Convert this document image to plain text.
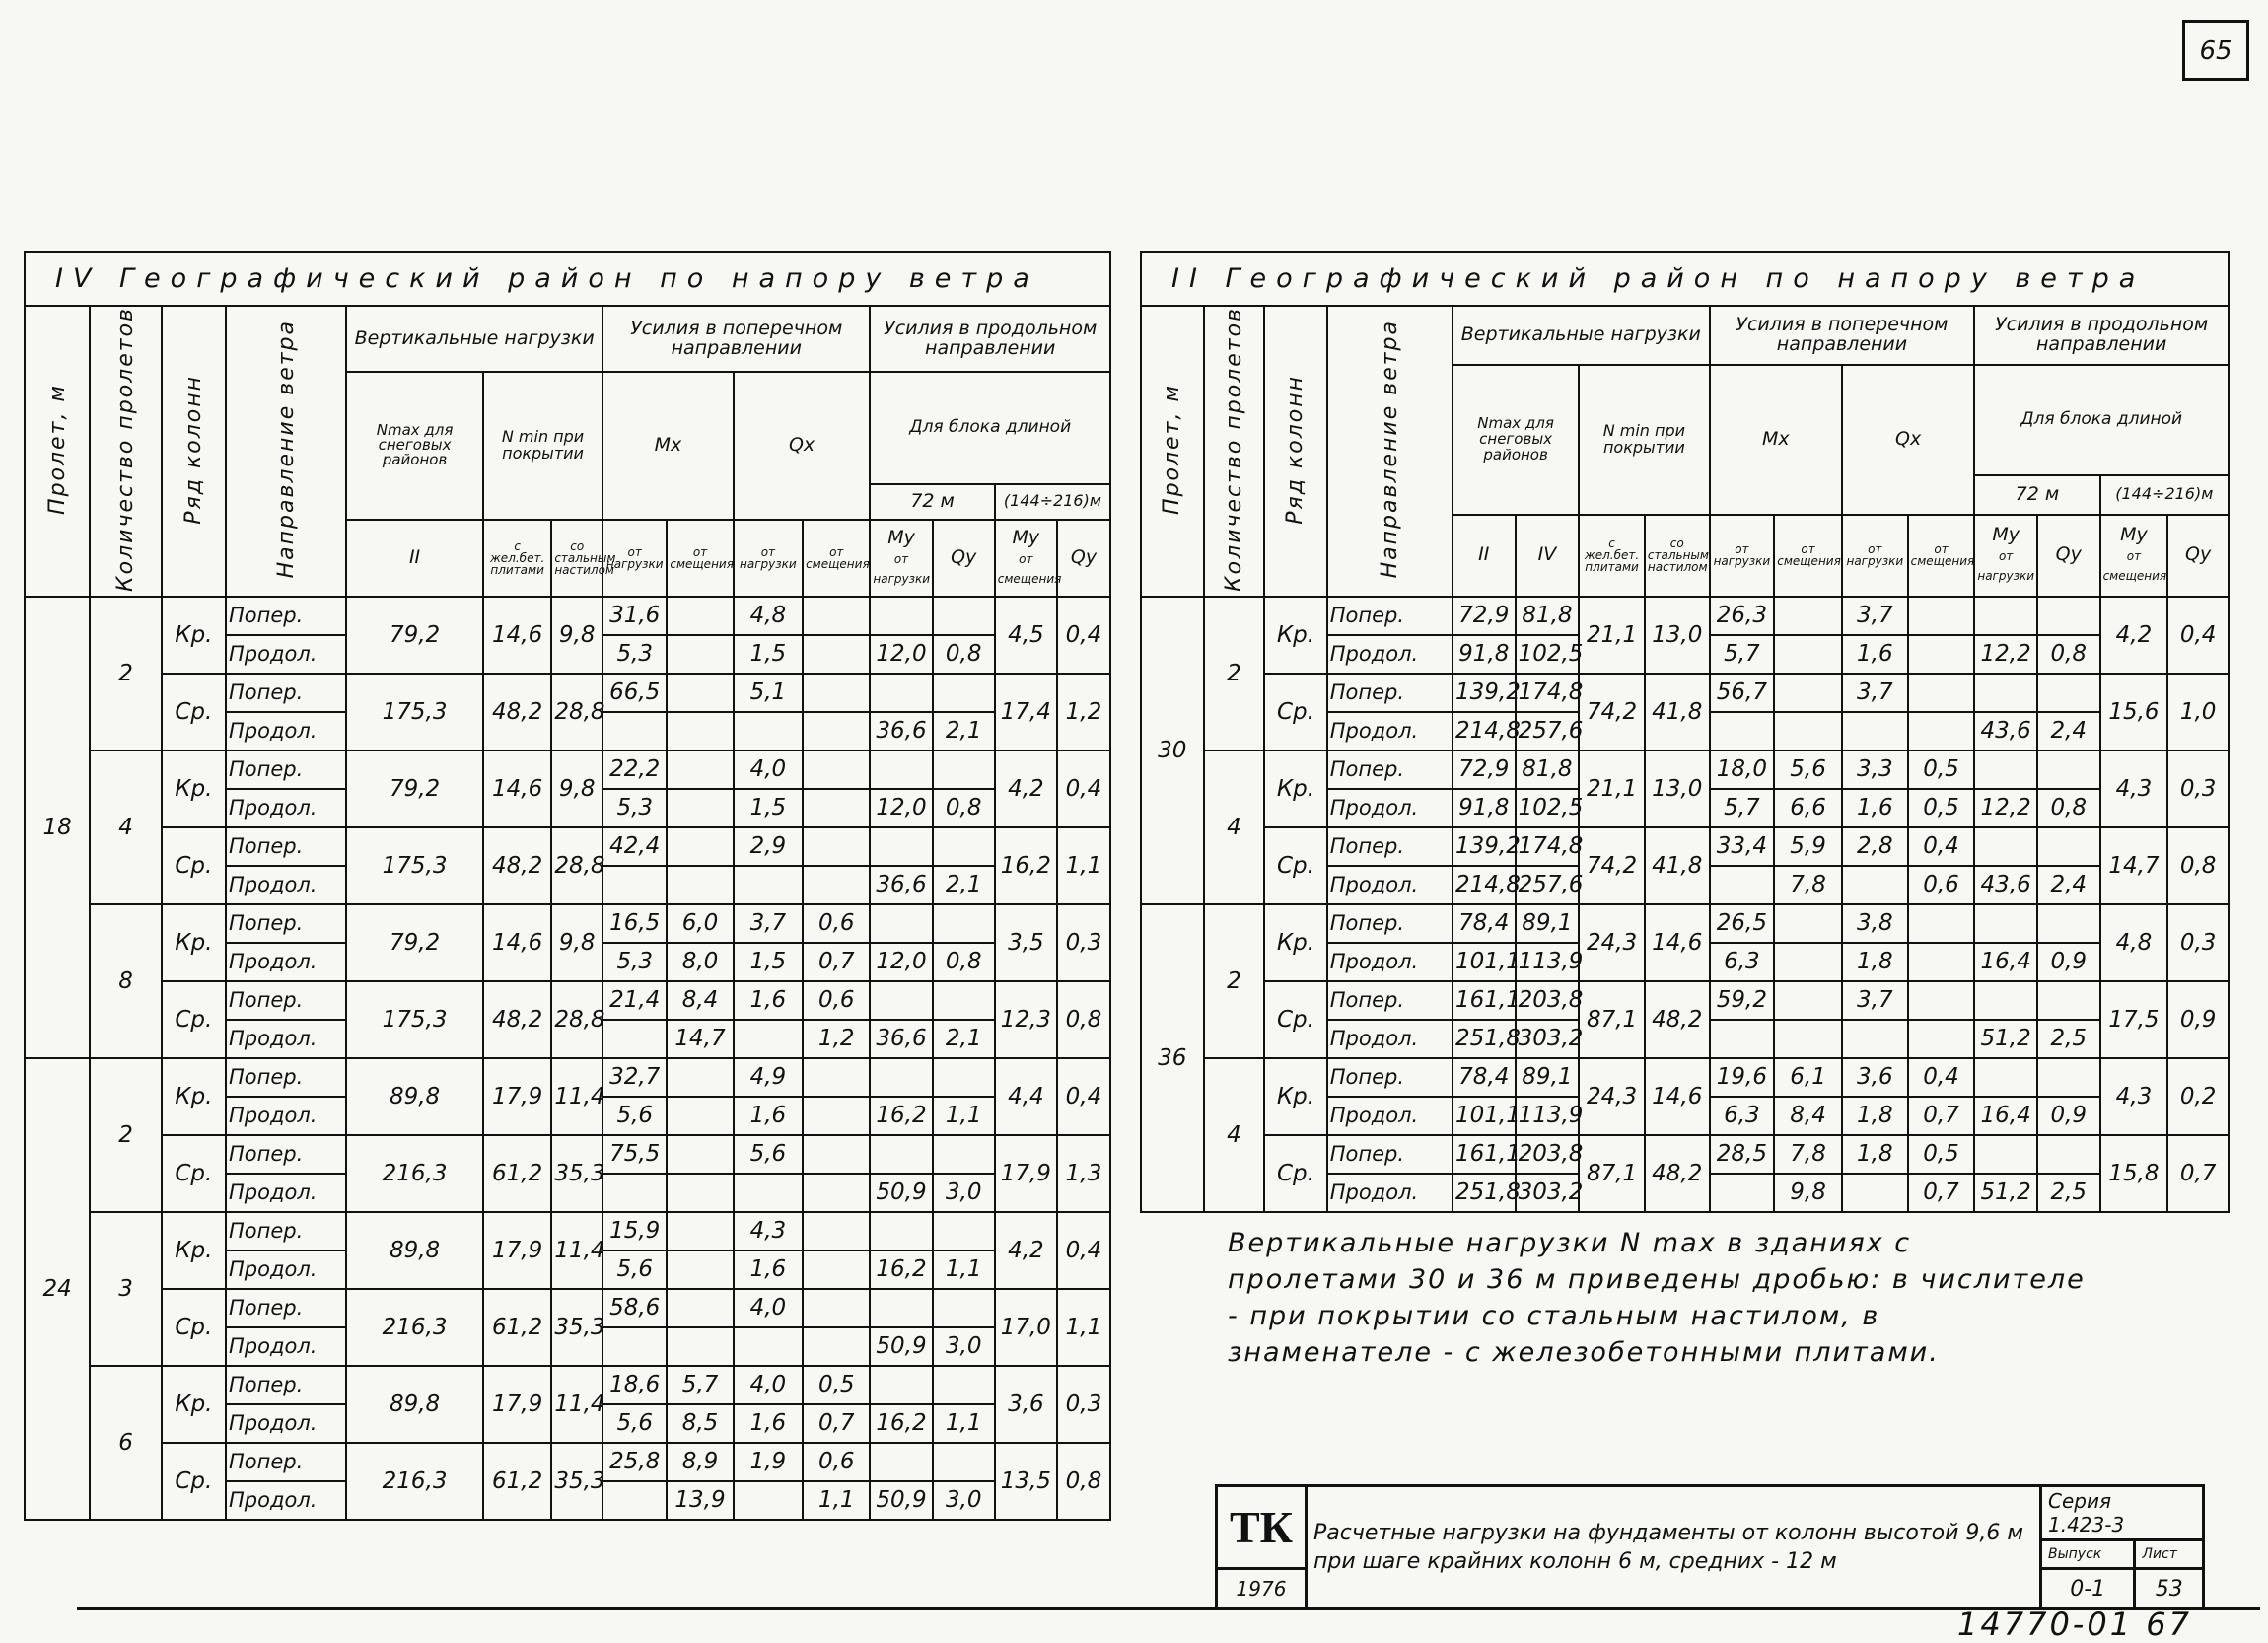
65
IV Географический район по напору ветра														
Пролет, м	Количество пролетов	Ряд колонн	Направление ветра	Вертикальные нагрузки			Усилия в поперечном направлении				Усилия в продольном направлении			
				Nmax для снеговых районов	N min при покрытии		Mx		Qx		Для блока длиной			
											72 м		(144÷216)м	
				II	с жел.бет. плитами	со стальным настилом	от нагрузки	от смещения	от нагрузки	от смещения	My
от нагрузки	Qy	My
от смещения	Qy
18	2	Кр.	Попер.	79,2	14,6	9,8	31,6		4,8				4,5	0,4
			Продол.				5,3		1,5		12,0	0,8		
		Ср.	Попер.	175,3	48,2	28,8	66,5		5,1				17,4	1,2
			Продол.								36,6	2,1		
	4	Кр.	Попер.	79,2	14,6	9,8	22,2		4,0				4,2	0,4
			Продол.				5,3		1,5		12,0	0,8		
		Ср.	Попер.	175,3	48,2	28,8	42,4		2,9				16,2	1,1
			Продол.								36,6	2,1		
	8	Кр.	Попер.	79,2	14,6	9,8	16,5	6,0	3,7	0,6			3,5	0,3
			Продол.				5,3	8,0	1,5	0,7	12,0	0,8		
		Ср.	Попер.	175,3	48,2	28,8	21,4	8,4	1,6	0,6			12,3	0,8
			Продол.					14,7		1,2	36,6	2,1		
24	2	Кр.	Попер.	89,8	17,9	11,4	32,7		4,9				4,4	0,4
			Продол.				5,6		1,6		16,2	1,1		
		Ср.	Попер.	216,3	61,2	35,3	75,5		5,6				17,9	1,3
			Продол.								50,9	3,0		
	3	Кр.	Попер.	89,8	17,9	11,4	15,9		4,3				4,2	0,4
			Продол.				5,6		1,6		16,2	1,1		
		Ср.	Попер.	216,3	61,2	35,3	58,6		4,0				17,0	1,1
			Продол.								50,9	3,0		
	6	Кр.	Попер.	89,8	17,9	11,4	18,6	5,7	4,0	0,5			3,6	0,3
			Продол.				5,6	8,5	1,6	0,7	16,2	1,1		
		Ср.	Попер.	216,3	61,2	35,3	25,8	8,9	1,9	0,6			13,5	0,8
			Продол.					13,9		1,1	50,9	3,0		
II Географический район по напору ветра															
Пролет, м	Количество пролетов	Ряд колонн	Направление ветра	Вертикальные нагрузки				Усилия в поперечном направлении				Усилия в продольном направлении			
				Nmax для снеговых районов		N min при покрытии		Mx		Qx		Для блока длиной			
												72 м		(144÷216)м	
				II	IV	с жел.бет. плитами	со стальным настилом	от нагрузки	от смещения	от нагрузки	от смещения	My
от нагрузки	Qy	My
от смещения	Qy
30	2	Кр.	Попер.	72,9	81,8	21,1	13,0	26,3		3,7				4,2	0,4
			Продол.	91,8	102,5			5,7		1,6		12,2	0,8		
		Ср.	Попер.	139,2	174,8	74,2	41,8	56,7		3,7				15,6	1,0
			Продол.	214,8	257,6							43,6	2,4		
	4	Кр.	Попер.	72,9	81,8	21,1	13,0	18,0	5,6	3,3	0,5			4,3	0,3
			Продол.	91,8	102,5			5,7	6,6	1,6	0,5	12,2	0,8		
		Ср.	Попер.	139,2	174,8	74,2	41,8	33,4	5,9	2,8	0,4			14,7	0,8
			Продол.	214,8	257,6				7,8		0,6	43,6	2,4		
36	2	Кр.	Попер.	78,4	89,1	24,3	14,6	26,5		3,8				4,8	0,3
			Продол.	101,1	113,9			6,3		1,8		16,4	0,9		
		Ср.	Попер.	161,1	203,8	87,1	48,2	59,2		3,7				17,5	0,9
			Продол.	251,8	303,2							51,2	2,5		
	4	Кр.	Попер.	78,4	89,1	24,3	14,6	19,6	6,1	3,6	0,4			4,3	0,2
			Продол.	101,1	113,9			6,3	8,4	1,8	0,7	16,4	0,9		
		Ср.	Попер.	161,1	203,8	87,1	48,2	28,5	7,8	1,8	0,5			15,8	0,7
			Продол.	251,8	303,2				9,8		0,7	51,2	2,5		
Вертикальные нагрузки N max в зданиях с пролетами 30 и 36 м приведены дробью: в числителе - при покрытии со стальным настилом, в знаменателе - с железобетонными плитами.
ТК	Расчетные нагрузки на фундаменты от колонн высотой 9,6 м при шаге крайних колонн 6 м, средних - 12 м	Серия
1.423-3	
		Выпуск	Лист
1976		0-1	53
14770-01 67
